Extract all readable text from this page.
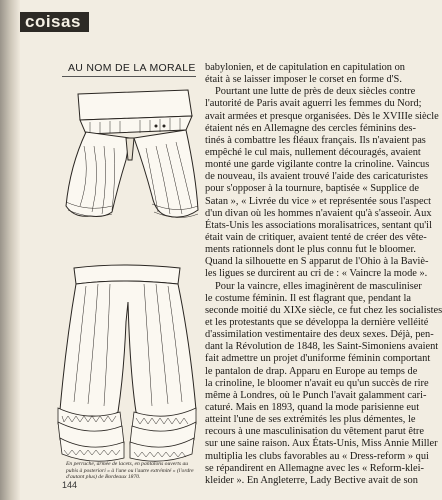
coisas
AU NOM DE LA MORALE
En perruche, armée de lacets, en pantalons ouverts au pubis à posteriori « à l'une ou l'autre extrémité » (l'ordre d'autant plus) de Bordeaux 1870.
144
babylonien, et de capitulation en capitulation on
était à se laisser imposer le corset en forme d'S.
Pourtant une lutte de près de deux siècles contre
l'autorité de Paris avait aguerri les femmes du Nord;
avait armées et presque organisées. Dès le XVIIIe siècle
étaient nés en Allemagne des cercles féminins des-
tinés à combattre les fléaux français. Ils n'avaient pas
empêché le cul mais, nullement découragés, avaient
monté une garde vigilante contre la crinoline. Vaincus
de nouveau, ils avaient trouvé l'aide des caricaturistes
pour s'opposer à la tournure, baptisée « Supplice de
Satan », « Livrée du vice » et représentée sous l'aspect
d'un divan où les hommes n'avaient qu'à s'asseoir. Aux
États-Unis les associations moralisatrices, sentant qu'il
était vain de critiquer, avaient tenté de créer des vête-
ments rationnels dont le plus connu fut le bloomer.
Quand la silhouette en S apparut de l'Ohio à la Baviè-
les ligues se durcirent au cri de : « Vaincre la mode ».
Pour la vaincre, elles imaginèrent de masculiniser
le costume féminin. Il est flagrant que, pendant la
seconde moitié du XIXe siècle, ce fut chez les socialistes
et les protestants que se développa la dernière velléité
d'assimilation vestimentaire des deux sexes. Déjà, pen-
dant la Révolution de 1848, les Saint-Simoniens avaient
fait admettre un projet d'uniforme féminin comportant
le pantalon de drap. Apparu en Europe au temps de
la crinoline, le bloomer n'avait eu qu'un succès de rire
même à Londres, où le Punch l'avait galamment cari-
caturé. Mais en 1893, quand la mode parisienne eut
atteint l'une de ses extrémités les plus démentes, le
recours à une masculinisation du vêtement parut être
sur une saine raison. Aux États-Unis, Miss Annie Miller
multiplia les clubs favorables au « Dress-reform » qui
se répandirent en Allemagne avec les « Reform-klei-
kleider ». En Angleterre, Lady Bective avait de son
